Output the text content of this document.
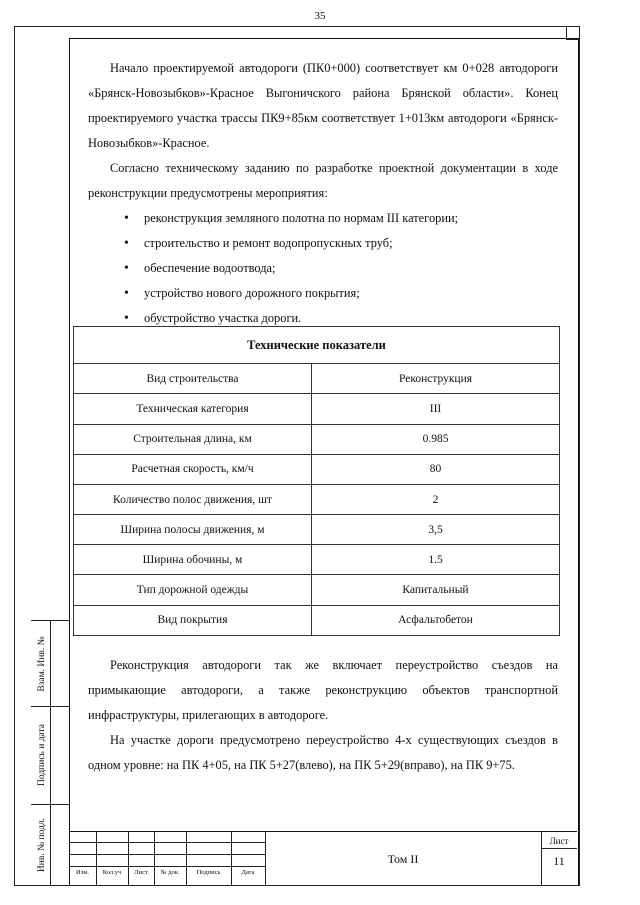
35

Начало проектируемой автодороги (ПК0+000) соответствует км 0+028 автодороги «Брянск-Новозыбков»-Красное Выгоничского района Брянской области». Конец проектируемого участка трассы ПК9+85км соответствует 1+013км автодороги «Брянск-Новозыбков»-Красное.

Согласно техническому заданию по разработке проектной документации в ходе реконструкции предусмотрены мероприятия:

• реконструкция земляного полотна по нормам III категории;
• строительство и ремонт водопропускных труб;
• обеспечение водоотвода;
• устройство нового дорожного покрытия;
• обустройство участка дороги.
Технические показатели	
Вид строительства	Реконструкция
Техническая категория	III
Строительная длина, км	0.985
Расчетная скорость, км/ч	80
Количество полос движения, шт	2
Ширина полосы движения, м	3,5
Ширина обочины, м	1.5
Тип дорожной одежды	Капитальный
Вид покрытия	Асфальтобетон

Реконструкция автодороги так же включает переустройство съездов на примыкающие автодороги, а также реконструкцию объектов транспортной инфраструктуры, прилегающих в автодороге.

На участке дороги предусмотрено переустройство 4-х существующих съездов в одном уровне: на ПК 4+05, на ПК 5+27(влево), на ПК 5+29(вправо), на ПК 9+75.

Взам. Инв. №
Подпись и дата
Инв. № подл.
Изм.	Кол.уч	Лист	№ док.	Подпись	Дата
Том II
Лист
11
